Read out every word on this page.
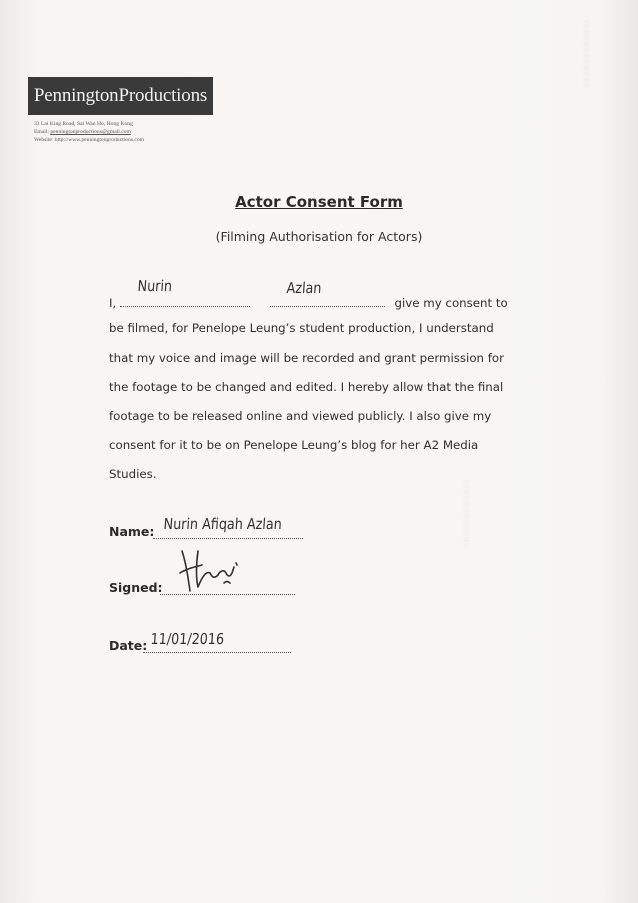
|||||||||||||||||||||||||||||||||||||||||||||||||||||||||
|||||||||||||||||||||||||||||||||||||||||||||||||||||||||
PenningtonProductions
33 Lai King Road, Sai Wan Ho, Hong Kong
Email: penningtonproductions@gmail.com
Website: http://www.penningtonproductions.com
Actor Consent Form
(Filming Authorisation for Actors)
I,	give my consent to
Nurin	Azlan
be filmed, for Penelope Leung’s student production, I understand
that my voice and image will be recorded and grant permission for
the footage to be changed and edited. I hereby allow that the final
footage to be released online and viewed publicly. I also give my
consent for it to be on Penelope Leung’s blog for her A2 Media
Studies.
Name: Nurin Afiqah Azlan
Signed:
Date: 11/01/2016
